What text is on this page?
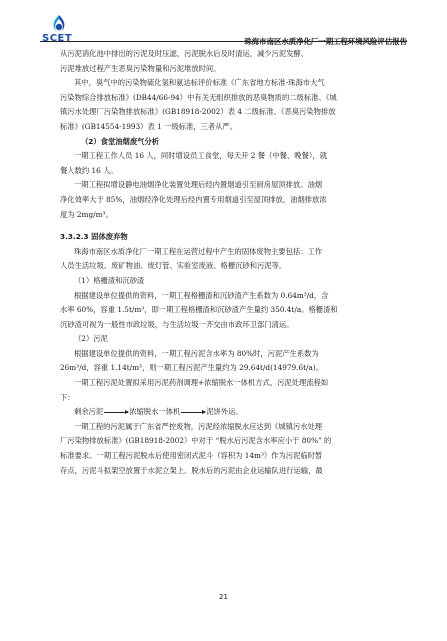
SCET	珠海市南区水质净化厂一期工程环境风险评估报告
从污泥消化池中排出的污泥及时压滤，污泥脱水后及时清运，减少污泥发酵、
污泥堆放过程产生恶臭污染物量和污泥堆放时间。
其中，臭气中的污染物硫化氢和氨达标评价标准《广东省地方标准-珠海市大气
污染物综合排放标准》(DB44/66-94）中有关无组织排放的恶臭物质的二级标准、《城
镇污水处理厂污染物排放标准》(GB18918-2002）表 4 二级标准、《恶臭污染物排放
标准》(GB14554-1993）表 1 一级标准，三者从严。
（2）食堂油烟废气分析
一期工程工作人员 16 人，同时增设员工食堂，每天开 2 餐（中餐、晚餐），就
餐人数约 16 人。
一期工程拟增设静电油烟净化装置处理后经内置烟道引至厨房屋顶排放。油烟
净化效率大于 85%，油烟经净化处理后经内置专用烟道引至屋顶排放，油烟排放浓
度为 2mg/m³。
3.3.2.3 固体废弃物
珠海市南区水质净化厂一期工程在运营过程中产生的固体废物主要包括：工作
人员生活垃圾、废矿物油、废灯管、实验室废液、格栅沉砂和污泥等。
（1）格栅渣和沉砂渣
根据建设单位提供的资料，一期工程格栅渣和沉砂渣产生系数为 0.64m³/d，含
水率 60%，容重 1.5t/m³，即一期工程格栅渣和沉砂渣产生量约 350.4t/a。格栅渣和
沉砂渣可视为一般性市政垃圾，与生活垃圾一齐交由市政环卫部门清运。
（2）污泥
根据建设单位提供的资料，一期工程污泥含水率为 80%时，污泥产生系数为
26m³/d，容重 1.14t/m³，则一期工程污泥产生量约为 29.64t/d(14979.6t/a)。
一期工程污泥处置拟采用污泥药剂调理+浓缩脱水一体机方式，污泥处理流程如
下：
剩余污泥	浓缩脱水一体机	泥饼外运。
一期工程的污泥属于广东省严控废物，污泥经浓缩脱水应达到《城镇污水处理
厂污染物排放标准》(GB18918-2002）中对于 “脱水后污泥含水率应小于 80%” 的
标准要求。一期工程污泥脱水后使用密闭式泥斗（容积为 14m³）作为污泥临时暂
存点，污泥斗拟架空放置于水泥立架上。脱水后的污泥由企业运输队进行运输，最
21
